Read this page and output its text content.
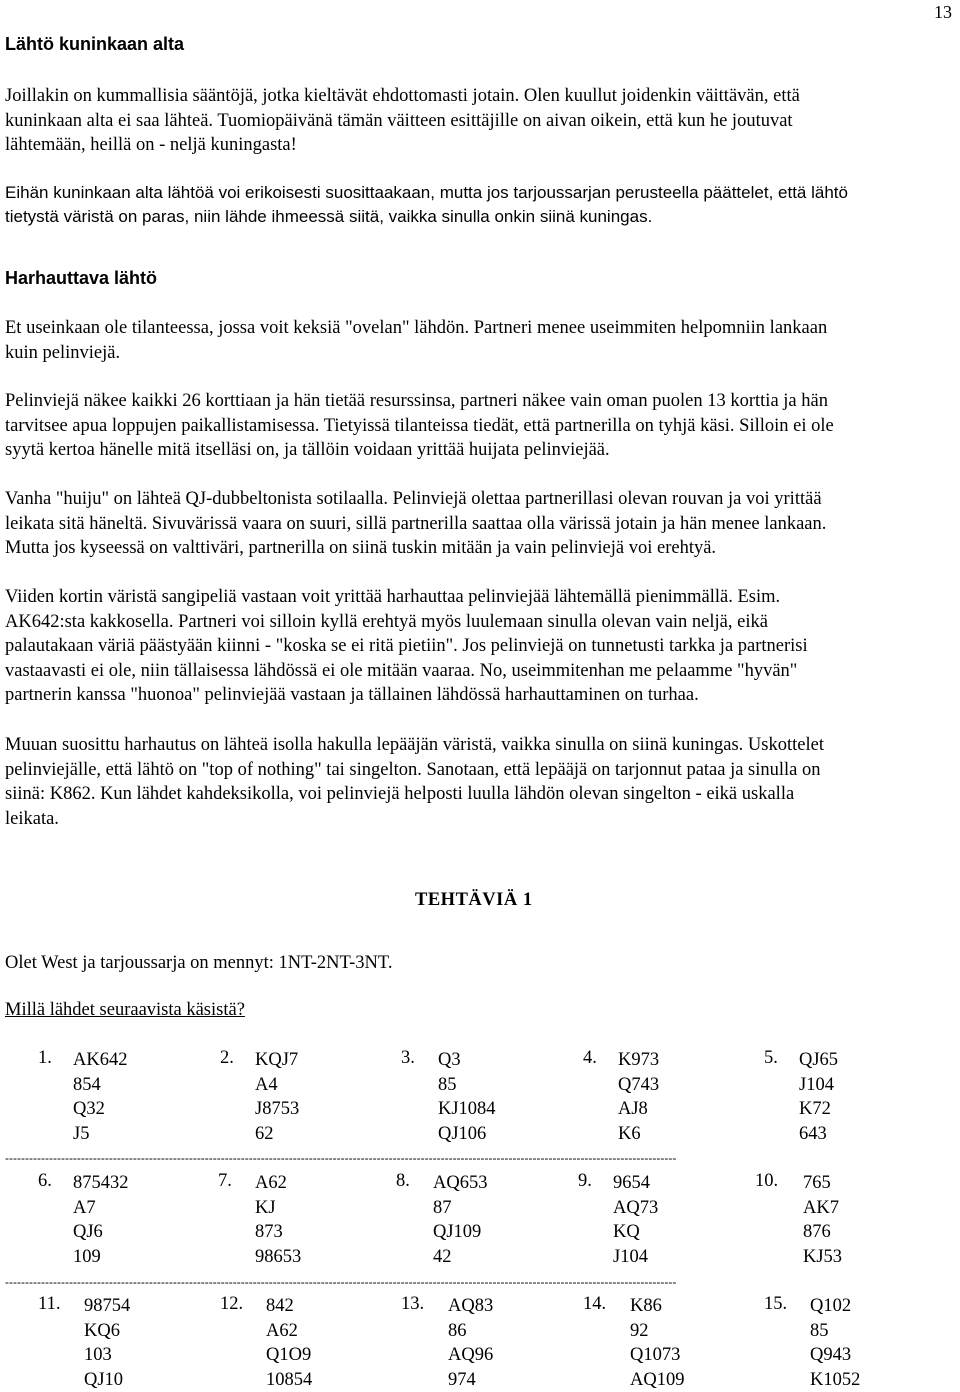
13
Lähtö kuninkaan alta
Joillakin on kummallisia sääntöjä, jotka kieltävät ehdottomasti jotain. Olen kuullut joidenkin väittävän, että
kuninkaan alta ei saa lähteä. Tuomiopäivänä tämän väitteen esittäjille on aivan oikein, että kun he joutuvat
lähtemään, heillä on - neljä kuningasta!
Eihän kuninkaan alta lähtöä voi erikoisesti suosittaakaan, mutta jos tarjoussarjan perusteella päättelet, että lähtö
tietystä väristä on paras, niin lähde ihmeessä siitä, vaikka sinulla onkin siinä kuningas.
Harhauttava lähtö
Et useinkaan ole tilanteessa, jossa voit keksiä "ovelan" lähdön. Partneri menee useimmiten helpomniin lankaan
kuin pelinviejä.
Pelinviejä näkee kaikki 26 korttiaan ja hän tietää resurssinsa, partneri näkee vain oman puolen 13 korttia ja hän
tarvitsee apua loppujen paikallistamisessa. Tietyissä tilanteissa tiedät, että partnerilla on tyhjä käsi. Silloin ei ole
syytä kertoa hänelle mitä itselläsi on, ja tällöin voidaan yrittää huijata pelinviejää.
Vanha "huiju" on lähteä QJ-dubbeltonista sotilaalla. Pelinviejä olettaa partnerillasi olevan rouvan ja voi yrittää
leikata sitä häneltä. Sivuvärissä vaara on suuri, sillä partnerilla saattaa olla värissä jotain ja hän menee lankaan.
Mutta jos kyseessä on valttiväri, partnerilla on siinä tuskin mitään ja vain pelinviejä voi erehtyä.
Viiden kortin väristä sangipeliä vastaan voit yrittää harhauttaa pelinviejää lähtemällä pienimmällä. Esim.
AK642:sta kakkosella. Partneri voi silloin kyllä erehtyä myös luulemaan sinulla olevan vain neljä, eikä
palautakaan väriä päästyään kiinni - "koska se ei ritä pietiin". Jos pelinviejä on tunnetusti tarkka ja partnerisi
vastaavasti ei ole, niin tällaisessa lähdössä ei ole mitään vaaraa. No, useimmitenhan me pelaamme "hyvän"
partnerin kanssa "huonoa" pelinviejää vastaan ja tällainen lähdössä harhauttaminen on turhaa.
Muuan suosittu harhautus on lähteä isolla hakulla lepääjän väristä, vaikka sinulla on siinä kuningas. Uskottelet
pelinviejälle, että lähtö on "top of nothing" tai singelton. Sanotaan, että lepääjä on tarjonnut pataa ja sinulla on
siinä: K862. Kun lähdet kahdeksikolla, voi pelinviejä helposti luulla lähdön olevan singelton - eikä uskalla
leikata.
TEHTÄVIÄ 1
Olet West ja tarjoussarja on mennyt: 1NT-2NT-3NT.
Millä lähdet seuraavista käsistä?
1. AK642
854
Q32
J5
2. KQJ7
A4
J8753
62
3. Q3
85
KJ1084
QJ106
4. K973
Q743
AJ8
K6
5. QJ65
J104
K72
643
------------------------------------------------------------------------------------------------------------------------------------------------------------------------
6. 875432
A7
QJ6
109
7. A62
KJ
873
98653
8. AQ653
87
QJ109
42
9. 9654
AQ73
KQ
J104
10. 765
AK7
876
KJ53
------------------------------------------------------------------------------------------------------------------------------------------------------------------------
11. 98754
KQ6
103
QJ10
12. 842
A62
Q1O9
10854
13. AQ83
86
AQ96
974
14. K86
92
Q1073
AQ109
15. Q102
85
Q943
K1052
